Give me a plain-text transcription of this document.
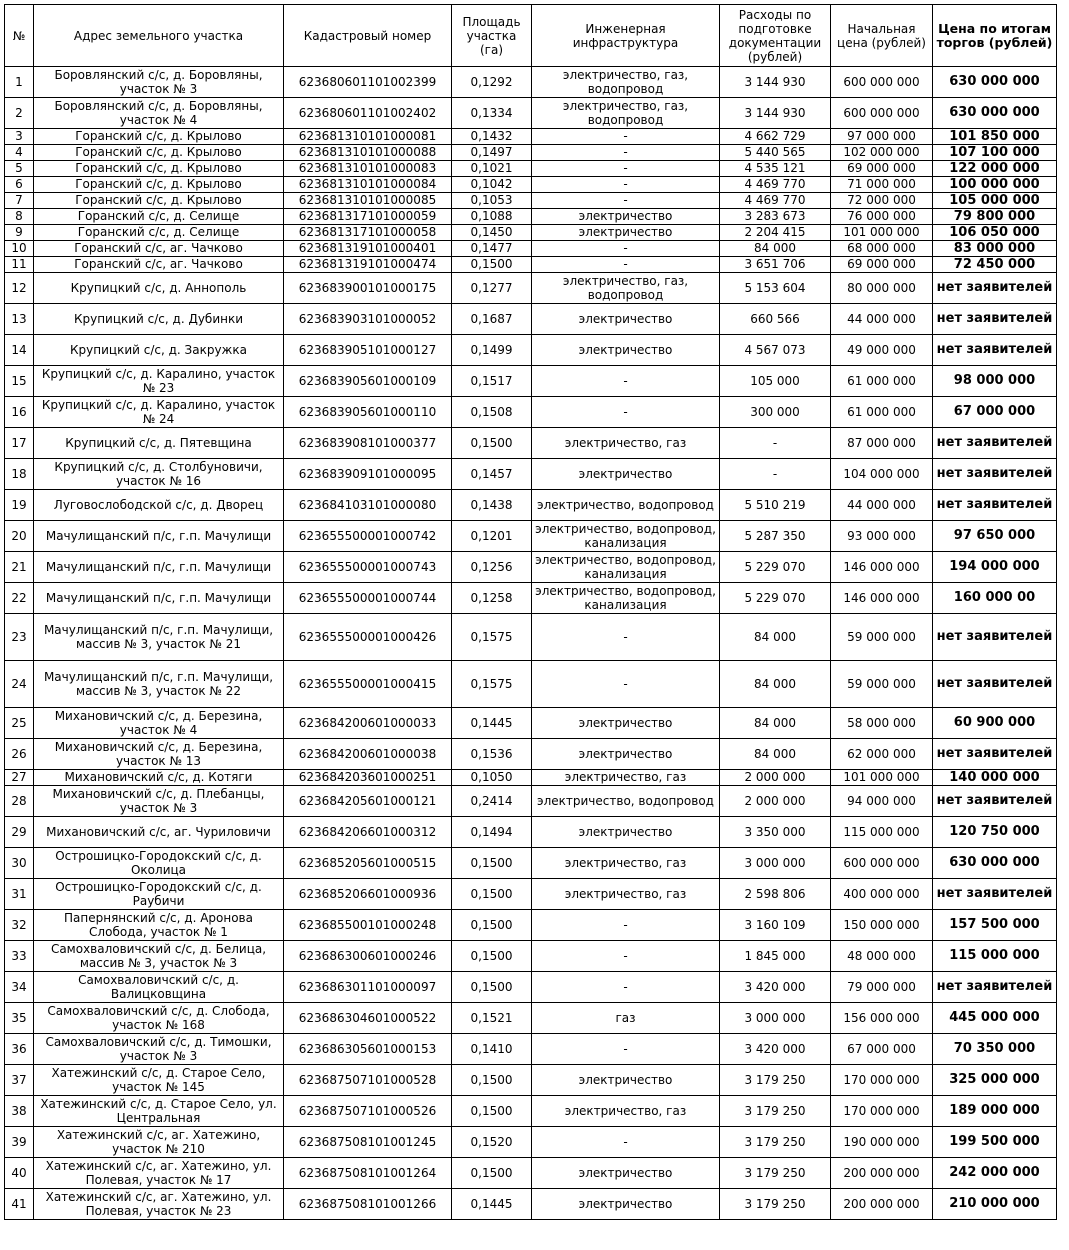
№	Адрес земельного участка	Кадастровый номер	Площадь участка (га)	Инженерная инфраструктура	Расходы по подготовке документации (рублей)	Начальная цена (рублей)	Цена по итогам торгов (рублей)
1	Боровлянский с/с, д. Боровляны, участок № 3	623680601101002399	0,1292	электричество, газ, водопровод	3 144 930	600 000 000	630 000 000
2	Боровлянский с/с, д. Боровляны, участок № 4	623680601101002402	0,1334	электричество, газ, водопровод	3 144 930	600 000 000	630 000 000
3	Горанский с/с, д. Крылово	623681310101000081	0,1432	-	4 662 729	97 000 000	101 850 000
4	Горанский с/с, д. Крылово	623681310101000088	0,1497	-	5 440 565	102 000 000	107 100 000
5	Горанский с/с, д. Крылово	623681310101000083	0,1021	-	4 535 121	69 000 000	122 000 000
6	Горанский с/с, д. Крылово	623681310101000084	0,1042	-	4 469 770	71 000 000	100 000 000
7	Горанский с/с, д. Крылово	623681310101000085	0,1053	-	4 469 770	72 000 000	105 000 000
8	Горанский с/с, д. Селище	623681317101000059	0,1088	электричество	3 283 673	76 000 000	79 800 000
9	Горанский с/с, д. Селище	623681317101000058	0,1450	электричество	2 204 415	101 000 000	106 050 000
10	Горанский с/с, аг. Чачково	623681319101000401	0,1477	-	84 000	68 000 000	83 000 000
11	Горанский с/с, аг. Чачково	623681319101000474	0,1500	-	3 651 706	69 000 000	72 450 000
12	Крупицкий с/с, д. Аннополь	623683900101000175	0,1277	электричество, газ, водопровод	5 153 604	80 000 000	нет заявителей
13	Крупицкий с/с, д. Дубинки	623683903101000052	0,1687	электричество	660 566	44 000 000	нет заявителей
14	Крупицкий с/с, д. Закружка	623683905101000127	0,1499	электричество	4 567 073	49 000 000	нет заявителей
15	Крупицкий с/с, д. Каралино, участок № 23	623683905601000109	0,1517	-	105 000	61 000 000	98 000 000
16	Крупицкий с/с, д. Каралино, участок № 24	623683905601000110	0,1508	-	300 000	61 000 000	67 000 000
17	Крупицкий с/с, д. Пятевщина	623683908101000377	0,1500	электричество, газ	-	87 000 000	нет заявителей
18	Крупицкий с/с, д. Столбуновичи, участок № 16	623683909101000095	0,1457	электричество	-	104 000 000	нет заявителей
19	Луговослободской с/с, д. Дворец	623684103101000080	0,1438	электричество, водопровод	5 510 219	44 000 000	нет заявителей
20	Мачулищанский п/с, г.п. Мачулищи	623655500001000742	0,1201	электричество, водопровод, канализация	5 287 350	93 000 000	97 650 000
21	Мачулищанский п/с, г.п. Мачулищи	623655500001000743	0,1256	электричество, водопровод, канализация	5 229 070	146 000 000	194 000 000
22	Мачулищанский п/с, г.п. Мачулищи	623655500001000744	0,1258	электричество, водопровод, канализация	5 229 070	146 000 000	160 000 00
23	Мачулищанский п/с, г.п. Мачулищи, массив № 3, участок № 21	623655500001000426	0,1575	-	84 000	59 000 000	нет заявителей
24	Мачулищанский п/с, г.п. Мачулищи, массив № 3, участок № 22	623655500001000415	0,1575	-	84 000	59 000 000	нет заявителей
25	Михановичский с/с, д. Березина, участок № 4	623684200601000033	0,1445	электричество	84 000	58 000 000	60 900 000
26	Михановичский с/с, д. Березина, участок № 13	623684200601000038	0,1536	электричество	84 000	62 000 000	нет заявителей
27	Михановичский с/с, д. Котяги	623684203601000251	0,1050	электричество, газ	2 000 000	101 000 000	140 000 000
28	Михановичский с/с, д. Плебанцы, участок № 3	623684205601000121	0,2414	электричество, водопровод	2 000 000	94 000 000	нет заявителей
29	Михановичский с/с, аг. Чуриловичи	623684206601000312	0,1494	электричество	3 350 000	115 000 000	120 750 000
30	Острошицко-Городокский с/с, д. Околица	623685205601000515	0,1500	электричество, газ	3 000 000	600 000 000	630 000 000
31	Острошицко-Городокский с/с, д. Раубичи	623685206601000936	0,1500	электричество, газ	2 598 806	400 000 000	нет заявителей
32	Папернянский с/с, д. Аронова Слобода, участок № 1	623685500101000248	0,1500	-	3 160 109	150 000 000	157 500 000
33	Самохваловичский с/с, д. Белица, массив № 3, участок № 3	623686300601000246	0,1500	-	1 845 000	48 000 000	115 000 000
34	Самохваловичский с/с, д. Валицковщина	623686301101000097	0,1500	-	3 420 000	79 000 000	нет заявителей
35	Самохваловичский с/с, д. Слобода, участок № 168	623686304601000522	0,1521	газ	3 000 000	156 000 000	445 000 000
36	Самохваловичский с/с, д. Тимошки, участок № 3	623686305601000153	0,1410	-	3 420 000	67 000 000	70 350 000
37	Хатежинский с/с, д. Старое Село, участок № 145	623687507101000528	0,1500	электричество	3 179 250	170 000 000	325 000 000
38	Хатежинский с/с, д. Старое Село, ул. Центральная	623687507101000526	0,1500	электричество, газ	3 179 250	170 000 000	189 000 000
39	Хатежинский с/с, аг. Хатежино, участок № 210	623687508101001245	0,1520	-	3 179 250	190 000 000	199 500 000
40	Хатежинский с/с, аг. Хатежино, ул. Полевая, участок № 17	623687508101001264	0,1500	электричество	3 179 250	200 000 000	242 000 000
41	Хатежинский с/с, аг. Хатежино, ул. Полевая, участок № 23	623687508101001266	0,1445	электричество	3 179 250	200 000 000	210 000 000
